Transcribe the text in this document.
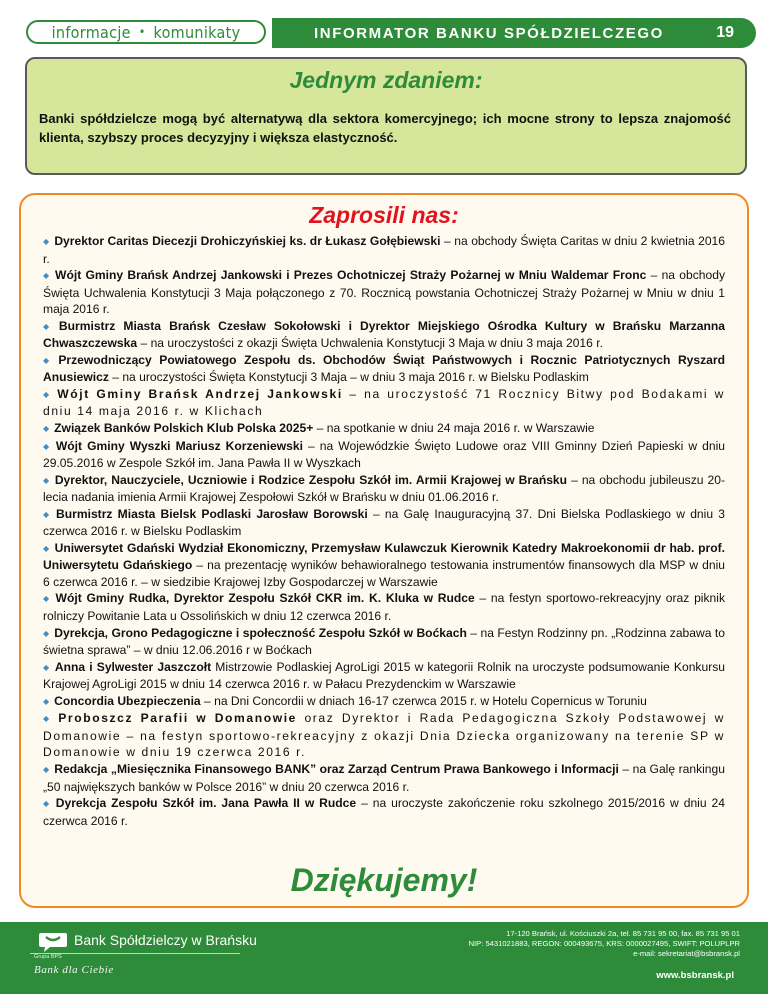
informacje • komunikaty	INFORMATOR BANKU SPÓŁDZIELCZEGO	19
Jednym zdaniem:
Banki spółdzielcze mogą być alternatywą dla sektora komercyjnego; ich mocne strony to lepsza znajomość klienta, szybszy proces decyzyjny i większa elastyczność.
Zaprosili nas:

◆ Dyrektor Caritas Diecezji Drohiczyńskiej ks. dr Łukasz Gołębiewski – na obchody Święta Caritas w dniu 2 kwietnia 2016 r.

◆ Wójt Gminy Brańsk Andrzej Jankowski i Prezes Ochotniczej Straży Pożarnej w Mniu Waldemar Fronc – na obchody Święta Uchwalenia Konstytucji 3 Maja połączonego z 70. Rocznicą powstania Ochotniczej Straży Pożarnej w Mniu w dniu 1 maja 2016 r.

◆ Burmistrz Miasta Brańsk Czesław Sokołowski i Dyrektor Miejskiego Ośrodka Kultury w Brańsku Marzanna Chwaszczewska – na uroczystości z okazji Święta Uchwalenia Konstytucji 3 Maja w dniu 3 maja 2016 r.

◆ Przewodniczący Powiatowego Zespołu ds. Obchodów Świąt Państwowych i Rocznic Patriotycznych Ryszard Anusiewicz – na uroczystości Święta Konstytucji 3 Maja – w dniu 3 maja 2016 r. w Bielsku Podlaskim

◆ Wójt Gminy Brańsk Andrzej Jankowski – na uroczystość 71 Rocznicy Bitwy pod Bodakami w dniu 14 maja 2016 r. w Klichach

◆ Związek Banków Polskich Klub Polska 2025+ – na spotkanie w dniu 24 maja 2016 r. w Warszawie

◆ Wójt Gminy Wyszki Mariusz Korzeniewski – na Wojewódzkie Święto Ludowe oraz VIII Gminny Dzień Papieski w dniu 29.05.2016 w Zespole Szkół im. Jana Pawła II w Wyszkach

◆ Dyrektor, Nauczyciele, Uczniowie i Rodzice Zespołu Szkół im. Armii Krajowej w Brańsku – na obchodu jubileuszu 20-lecia nadania imienia Armii Krajowej Zespołowi Szkół w Brańsku w dniu 01.06.2016 r.

◆ Burmistrz Miasta Bielsk Podlaski Jarosław Borowski – na Galę Inauguracyjną 37. Dni Bielska Podlaskiego w dniu 3 czerwca 2016 r. w Bielsku Podlaskim

◆ Uniwersytet Gdański Wydział Ekonomiczny, Przemysław Kulawczuk Kierownik Katedry Makroekonomii dr hab. prof. Uniwersytetu Gdańskiego – na prezentację wyników behawioralnego testowania instrumentów finansowych dla MSP w dniu 6 czerwca 2016 r. – w siedzibie Krajowej Izby Gospodarczej w Warszawie

◆ Wójt Gminy Rudka, Dyrektor Zespołu Szkół CKR im. K. Kluka w Rudce – na festyn sportowo-rekreacyjny oraz piknik rolniczy Powitanie Lata u Ossolińskich w dniu 12 czerwca 2016 r.

◆ Dyrekcja, Grono Pedagogiczne i społeczność Zespołu Szkół w Boćkach – na Festyn Rodzinny pn. „Rodzinna zabawa to świetna sprawa” – w dniu 12.06.2016 r w Boćkach

◆ Anna i Sylwester Jaszczołt Mistrzowie Podlaskiej AgroLigi 2015 w kategorii Rolnik na uroczyste podsumowanie Konkursu Krajowej AgroLigi 2015 w dniu 14 czerwca 2016 r. w Pałacu Prezydenckim w Warszawie

◆ Concordia Ubezpieczenia – na Dni Concordii w dniach 16-17 czerwca 2015 r. w Hotelu Copernicus w Toruniu

◆ Proboszcz Parafii w Domanowie oraz Dyrektor i Rada Pedagogiczna Szkoły Podstawowej w Domanowie – na festyn sportowo-rekreacyjny z okazji Dnia Dziecka organizowany na terenie SP w Domanowie w dniu 19 czerwca 2016 r.

◆ Redakcja „Miesięcznika Finansowego BANK” oraz Zarząd Centrum Prawa Bankowego i Informacji – na Galę rankingu „50 największych banków w Polsce 2016” w dniu 20 czerwca 2016 r.

◆ Dyrekcja Zespołu Szkół im. Jana Pawła II w Rudce – na uroczyste zakończenie roku szkolnego 2015/2016 w dniu 24 czerwca 2016 r.

Dziękujemy!
Bank Spółdzielczy w Brańsku
Grupa BPS
Bank dla Ciebie
17-120 Brańsk, ul. Kościuszki 2a, tel. 85 731 95 00, fax. 85 731 95 01
NIP: 5431021883, REGON: 000493675, KRS: 0000027495, SWIFT: POLUPLPR
e-mail: sekretariat@bsbransk.pl
www.bsbransk.pl
